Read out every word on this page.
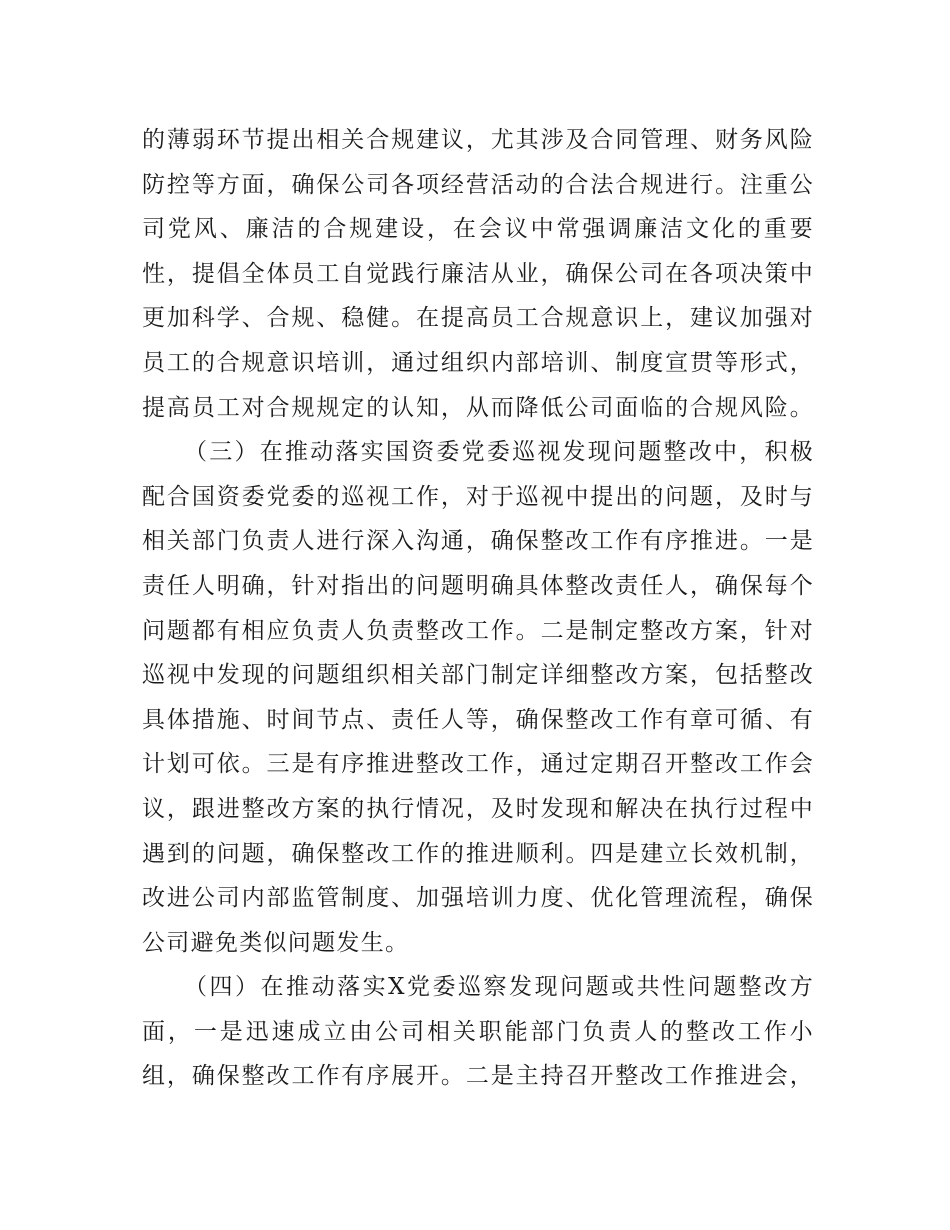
的薄弱环节提出相关合规建议，尤其涉及合同管理、财务风险
防控等方面，确保公司各项经营活动的合法合规进行。注重公
司党风、廉洁的合规建设，在会议中常强调廉洁文化的重要
性，提倡全体员工自觉践行廉洁从业，确保公司在各项决策中
更加科学、合规、稳健。在提高员工合规意识上，建议加强对
员工的合规意识培训，通过组织内部培训、制度宣贯等形式，
提高员工对合规规定的认知，从而降低公司面临的合规风险。
（三）在推动落实国资委党委巡视发现问题整改中，积极
配合国资委党委的巡视工作，对于巡视中提出的问题，及时与
相关部门负责人进行深入沟通，确保整改工作有序推进。一是
责任人明确，针对指出的问题明确具体整改责任人，确保每个
问题都有相应负责人负责整改工作。二是制定整改方案，针对
巡视中发现的问题组织相关部门制定详细整改方案，包括整改
具体措施、时间节点、责任人等，确保整改工作有章可循、有
计划可依。三是有序推进整改工作，通过定期召开整改工作会
议，跟进整改方案的执行情况，及时发现和解决在执行过程中
遇到的问题，确保整改工作的推进顺利。四是建立长效机制，
改进公司内部监管制度、加强培训力度、优化管理流程，确保
公司避免类似问题发生。
（四）在推动落实X党委巡察发现问题或共性问题整改方
面，一是迅速成立由公司相关职能部门负责人的整改工作小
组，确保整改工作有序展开。二是主持召开整改工作推进会，
